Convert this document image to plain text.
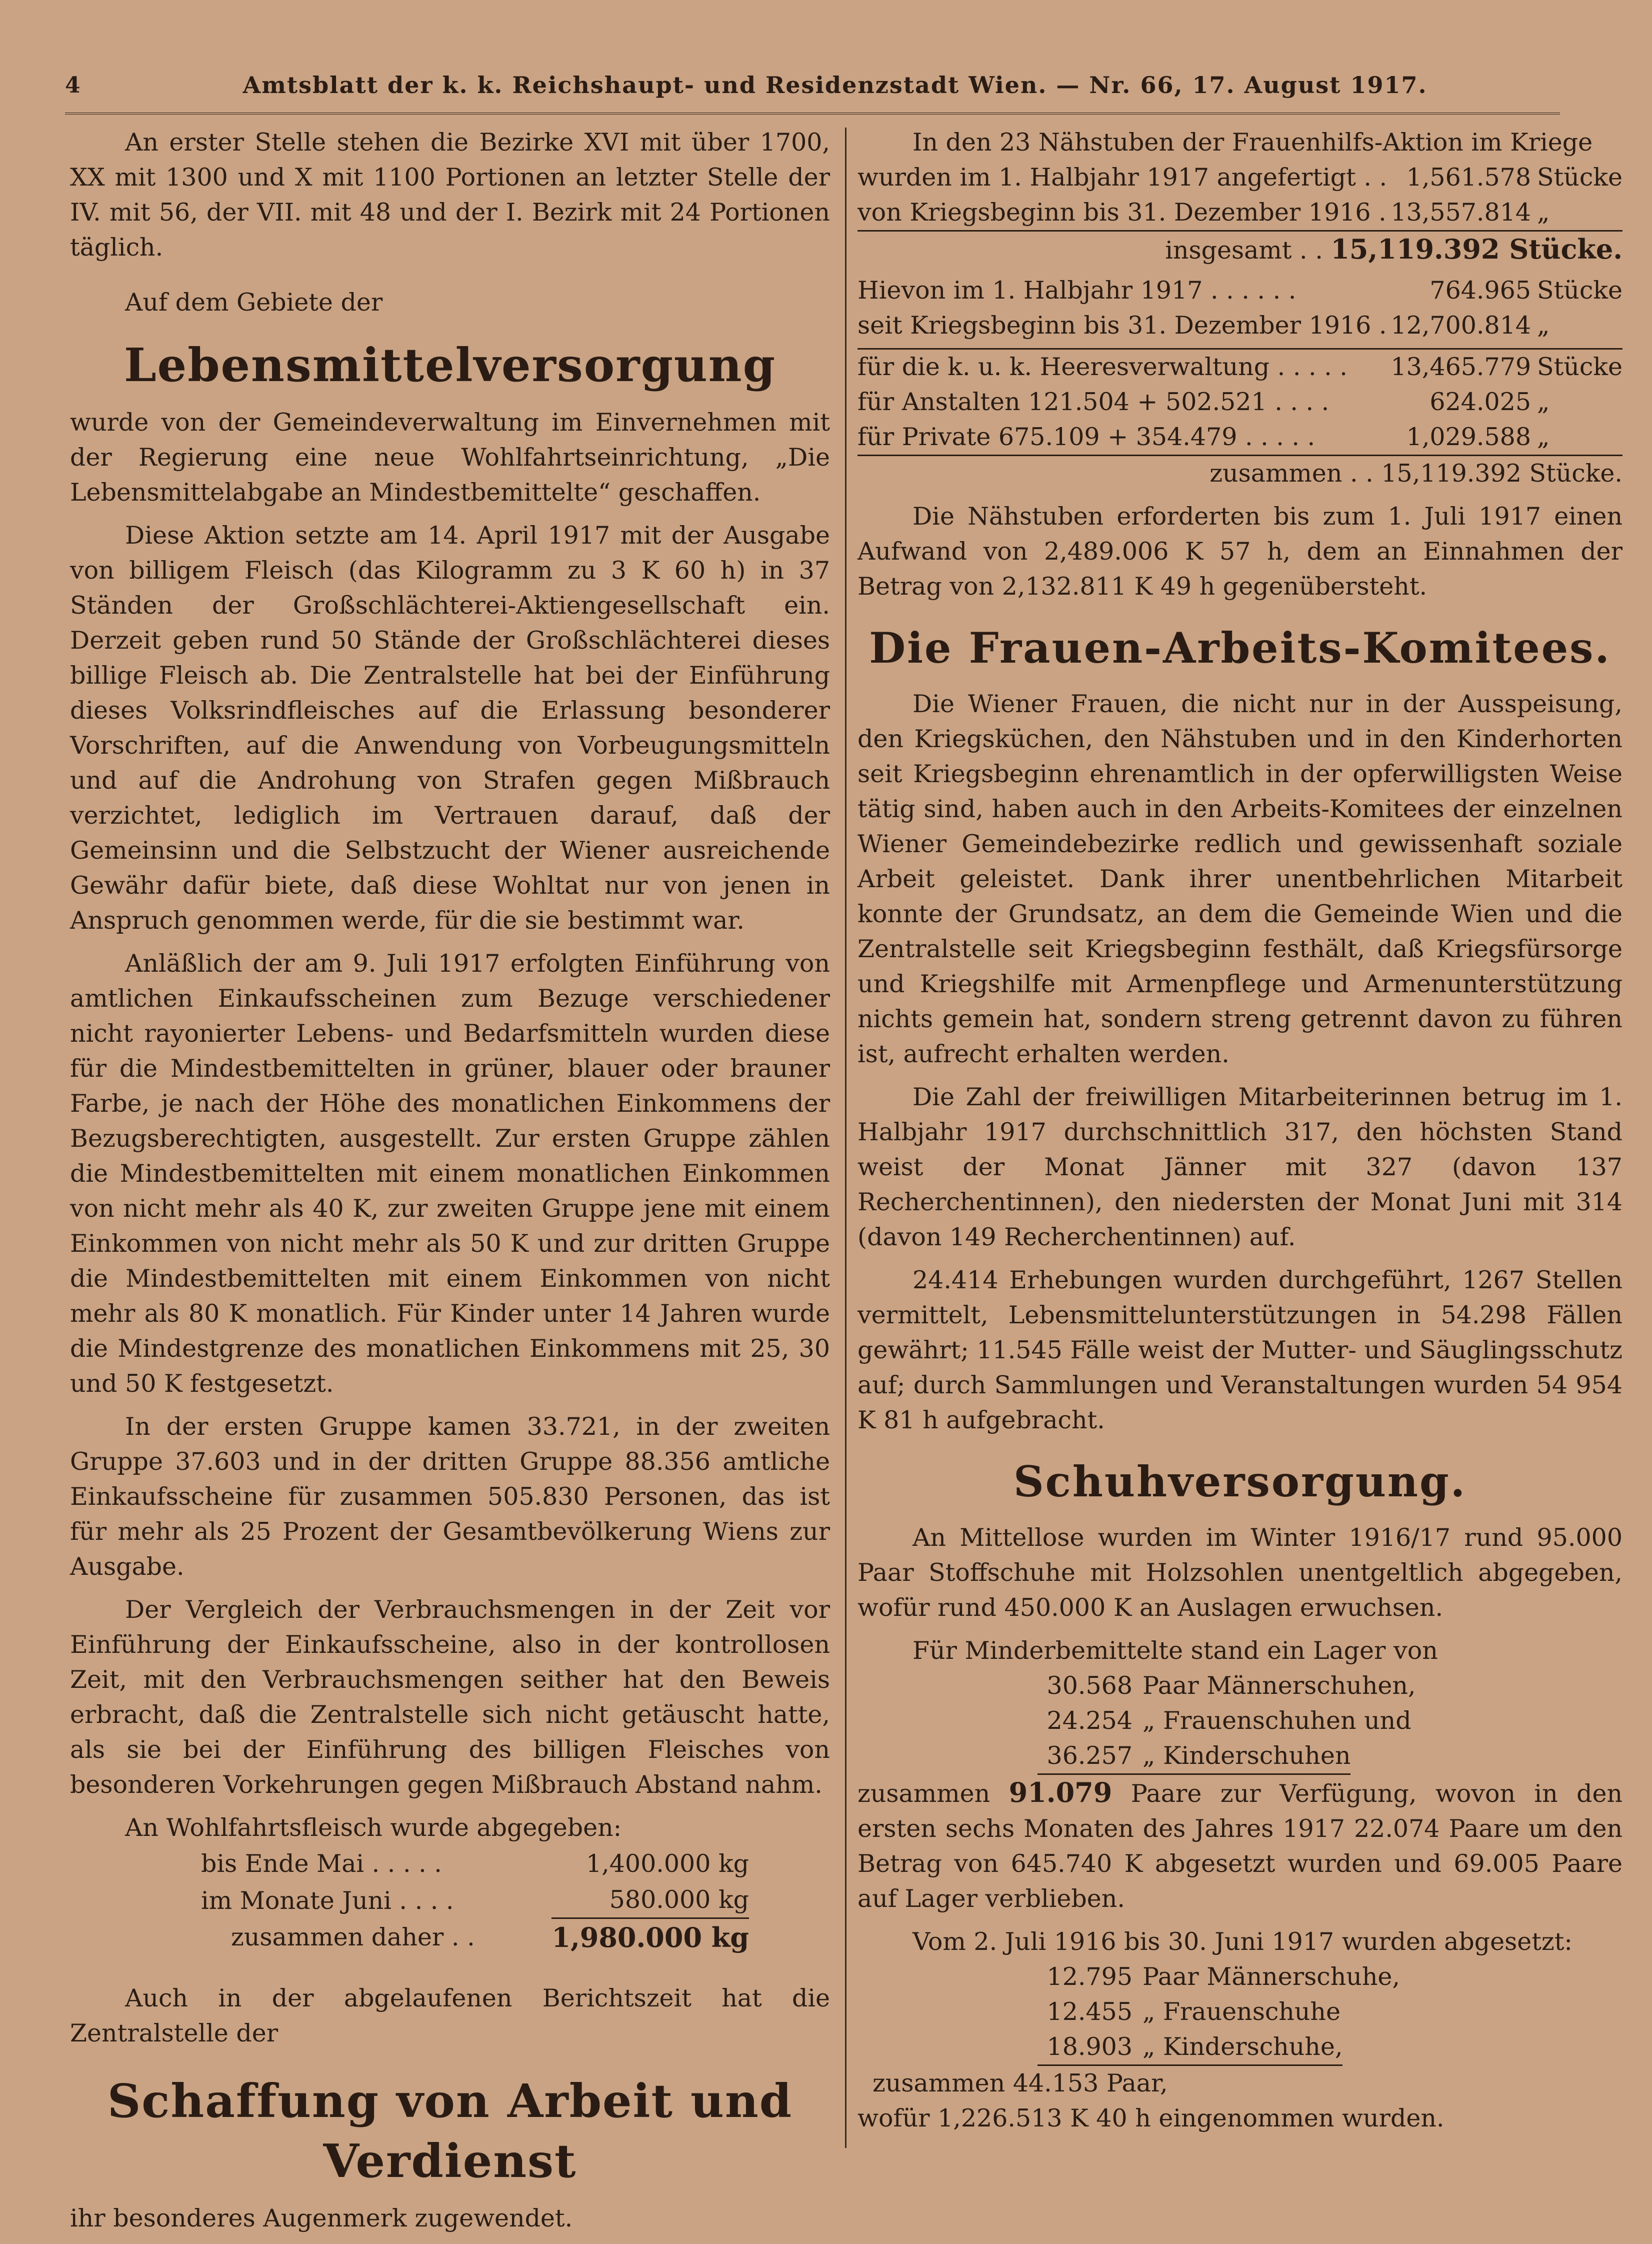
4	Amtsblatt der k. k. Reichshaupt- und Residenzstadt Wien. — Nr. 66, 17. August 1917.

An erster Stelle stehen die Bezirke XVI mit über 1700, XX mit 1300 und X mit 1100 Portionen an letzter Stelle der IV. mit 56, der VII. mit 48 und der I. Bezirk mit 24 Portionen täglich.

Auf dem Gebiete der

Lebensmittelversorgung

wurde von der Gemeindeverwaltung im Einvernehmen mit der Regierung eine neue Wohlfahrtseinrichtung, „Die Lebensmittelabgabe an Mindestbemittelte“ geschaffen.

Diese Aktion setzte am 14. April 1917 mit der Ausgabe von billigem Fleisch (das Kilogramm zu 3 K 60 h) in 37 Ständen der Großschlächterei-Aktiengesellschaft ein. Derzeit geben rund 50 Stände der Großschlächterei dieses billige Fleisch ab. Die Zentralstelle hat bei der Einführung dieses Volksrindfleisches auf die Erlassung besonderer Vorschriften, auf die Anwendung von Vorbeugungsmitteln und auf die Androhung von Strafen gegen Mißbrauch verzichtet, lediglich im Vertrauen darauf, daß der Gemeinsinn und die Selbstzucht der Wiener ausreichende Gewähr dafür biete, daß diese Wohltat nur von jenen in Anspruch genommen werde, für die sie bestimmt war.

Anläßlich der am 9. Juli 1917 erfolgten Einführung von amtlichen Einkaufsscheinen zum Bezuge verschiedener nicht rayonierter Lebens- und Bedarfsmitteln wurden diese für die Mindestbemittelten in grüner, blauer oder brauner Farbe, je nach der Höhe des monatlichen Einkommens der Bezugsberechtigten, ausgestellt. Zur ersten Gruppe zählen die Mindestbemittelten mit einem monatlichen Einkommen von nicht mehr als 40 K, zur zweiten Gruppe jene mit einem Einkommen von nicht mehr als 50 K und zur dritten Gruppe die Mindestbemittelten mit einem Einkommen von nicht mehr als 80 K monatlich. Für Kinder unter 14 Jahren wurde die Mindestgrenze des monatlichen Einkommens mit 25, 30 und 50 K festgesetzt.

In der ersten Gruppe kamen 33.721, in der zweiten Gruppe 37.603 und in der dritten Gruppe 88.356 amtliche Einkaufsscheine für zusammen 505.830 Personen, das ist für mehr als 25 Prozent der Gesamtbevölkerung Wiens zur Ausgabe.

Der Vergleich der Verbrauchsmengen in der Zeit vor Einführung der Einkaufsscheine, also in der kontrollosen Zeit, mit den Verbrauchsmengen seither hat den Beweis erbracht, daß die Zentralstelle sich nicht getäuscht hatte, als sie bei der Einführung des billigen Fleisches von besonderen Vorkehrungen gegen Mißbrauch Abstand nahm.

An Wohlfahrtsfleisch wurde abgegeben:

bis Ende Mai . . . . .	1,400.000 kg
im Monate Juni . . . .	580.000 kg
zusammen daher . .	1,980.000 kg

Auch in der abgelaufenen Berichtszeit hat die Zentralstelle der

Schaffung von Arbeit und Verdienst

ihr besonderes Augenmerk zugewendet.

In den 23 Nähstuben der Frauenhilfs-Aktion im Kriege

wurden im 1. Halbjahr 1917 angefertigt . .	1,561.578	Stücke
von Kriegsbeginn bis 31. Dezember 1916 .	13,557.814	„
insgesamt . . 15,119.392 Stücke.		
Hievon im 1. Halbjahr 1917 . . . . . .	764.965	Stücke
seit Kriegsbeginn bis 31. Dezember 1916 .	12,700.814	„
für die k. u. k. Heeresverwaltung . . . . .	13,465.779	Stücke
für Anstalten 121.504 + 502.521 . . . .	624.025	„
für Private 675.109 + 354.479 . . . . .	1,029.588	„
zusammen . . 15,119.392 Stücke.		

Die Nähstuben erforderten bis zum 1. Juli 1917 einen Aufwand von 2,489.006 K 57 h, dem an Einnahmen der Betrag von 2,132.811 K 49 h gegenübersteht.

Die Frauen-Arbeits-Komitees.

Die Wiener Frauen, die nicht nur in der Ausspeisung, den Kriegsküchen, den Nähstuben und in den Kinderhorten seit Kriegsbeginn ehrenamtlich in der opferwilligsten Weise tätig sind, haben auch in den Arbeits-Komitees der einzelnen Wiener Gemeindebezirke redlich und gewissenhaft soziale Arbeit geleistet. Dank ihrer unentbehrlichen Mitarbeit konnte der Grundsatz, an dem die Gemeinde Wien und die Zentralstelle seit Kriegsbeginn festhält, daß Kriegsfürsorge und Kriegshilfe mit Armenpflege und Armenunterstützung nichts gemein hat, sondern streng getrennt davon zu führen ist, aufrecht erhalten werden.

Die Zahl der freiwilligen Mitarbeiterinnen betrug im 1. Halbjahr 1917 durchschnittlich 317, den höchsten Stand weist der Monat Jänner mit 327 (davon 137 Recherchentinnen), den niedersten der Monat Juni mit 314 (davon 149 Recherchentinnen) auf.

24.414 Erhebungen wurden durchgeführt, 1267 Stellen vermittelt, Lebensmittelunterstützungen in 54.298 Fällen gewährt; 11.545 Fälle weist der Mutter- und Säuglingsschutz auf; durch Sammlungen und Veranstaltungen wurden 54 954 K 81 h aufgebracht.

Schuhversorgung.

An Mittellose wurden im Winter 1916/17 rund 95.000 Paar Stoffschuhe mit Holzsohlen unentgeltlich abgegeben, wofür rund 450.000 K an Auslagen erwuchsen.

Für Minderbemittelte stand ein Lager von

30.568 Paar Männerschuhen,
24.254 „ Frauenschuhen und
36.257 „ Kinderschuhen

zusammen 91.079 Paare zur Verfügung, wovon in den ersten sechs Monaten des Jahres 1917 22.074 Paare um den Betrag von 645.740 K abgesetzt wurden und 69.005 Paare auf Lager verblieben.

Vom 2. Juli 1916 bis 30. Juni 1917 wurden abgesetzt:

12.795 Paar Männerschuhe,
12.455 „ Frauenschuhe
18.903 „ Kinderschuhe,

zusammen 44.153 Paar,

wofür 1,226.513 K 40 h eingenommen wurden.
